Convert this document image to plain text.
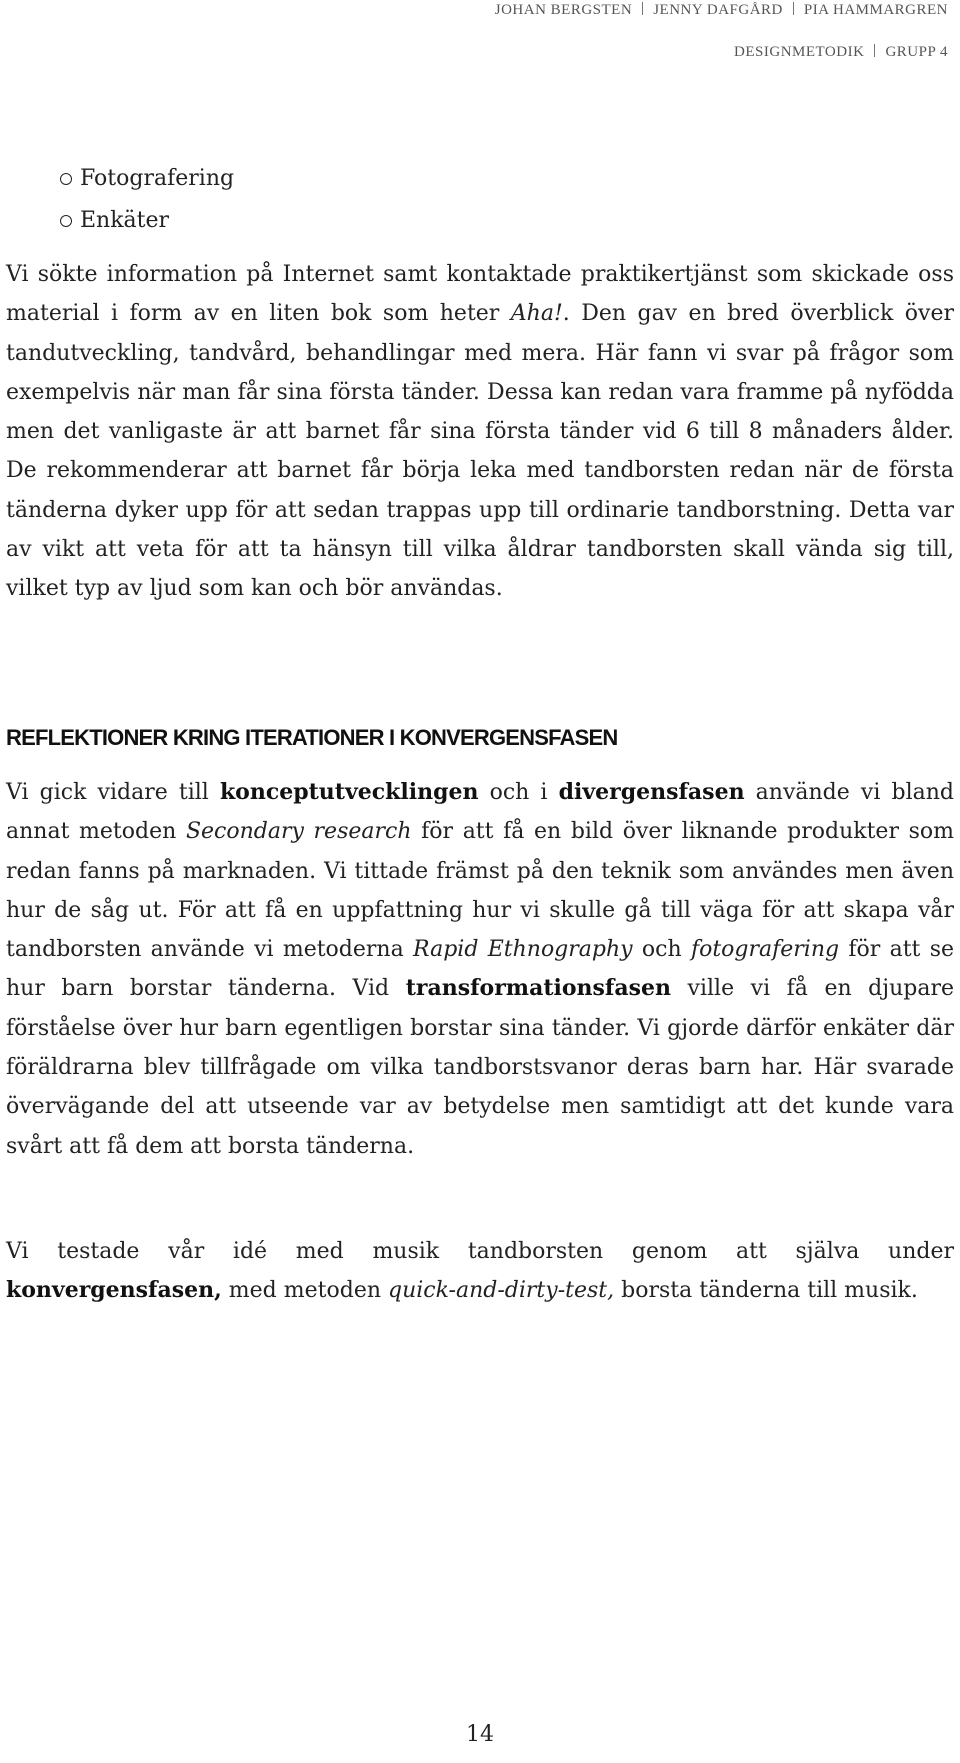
JOHAN BERGSTEN JENNY DAFGÅRD PIA HAMMARGREN
DESIGNMETODIK GRUPP 4
Fotografering
Enkäter

Vi sökte information på Internet samt kontaktade praktikertjänst som skickade oss material i form av en liten bok som heter Aha!. Den gav en bred överblick över tandutveckling, tandvård, behandlingar med mera. Här fann vi svar på frågor som exempelvis när man får sina första tänder. Dessa kan redan vara framme på nyfödda men det vanligaste är att barnet får sina första tänder vid 6 till 8 månaders ålder. De rekommenderar att barnet får börja leka med tandborsten redan när de första tänderna dyker upp för att sedan trappas upp till ordinarie tandborstning. Detta var av vikt att veta för att ta hänsyn till vilka åldrar tandborsten skall vända sig till, vilket typ av ljud som kan och bör användas.

REFLEKTIONER KRING ITERATIONER I KONVERGENSFASEN

Vi gick vidare till konceptutvecklingen och i divergensfasen använde vi bland annat metoden Secondary research för att få en bild över liknande produkter som redan fanns på marknaden. Vi tittade främst på den teknik som användes men även hur de såg ut. För att få en uppfattning hur vi skulle gå till väga för att skapa vår tandborsten använde vi metoderna Rapid Ethnography och fotografering för att se hur barn borstar tänderna. Vid transformationsfasen ville vi få en djupare förståelse över hur barn egentligen borstar sina tänder. Vi gjorde därför enkäter där föräldrarna blev tillfrågade om vilka tandborstsvanor deras barn har. Här svarade övervägande del att utseende var av betydelse men samtidigt att det kunde vara svårt att få dem att borsta tänderna.

Vi testade vår idé med musik tandborsten genom att själva under konvergensfasen, med metoden quick-and-dirty-test, borsta tänderna till musik.

14
